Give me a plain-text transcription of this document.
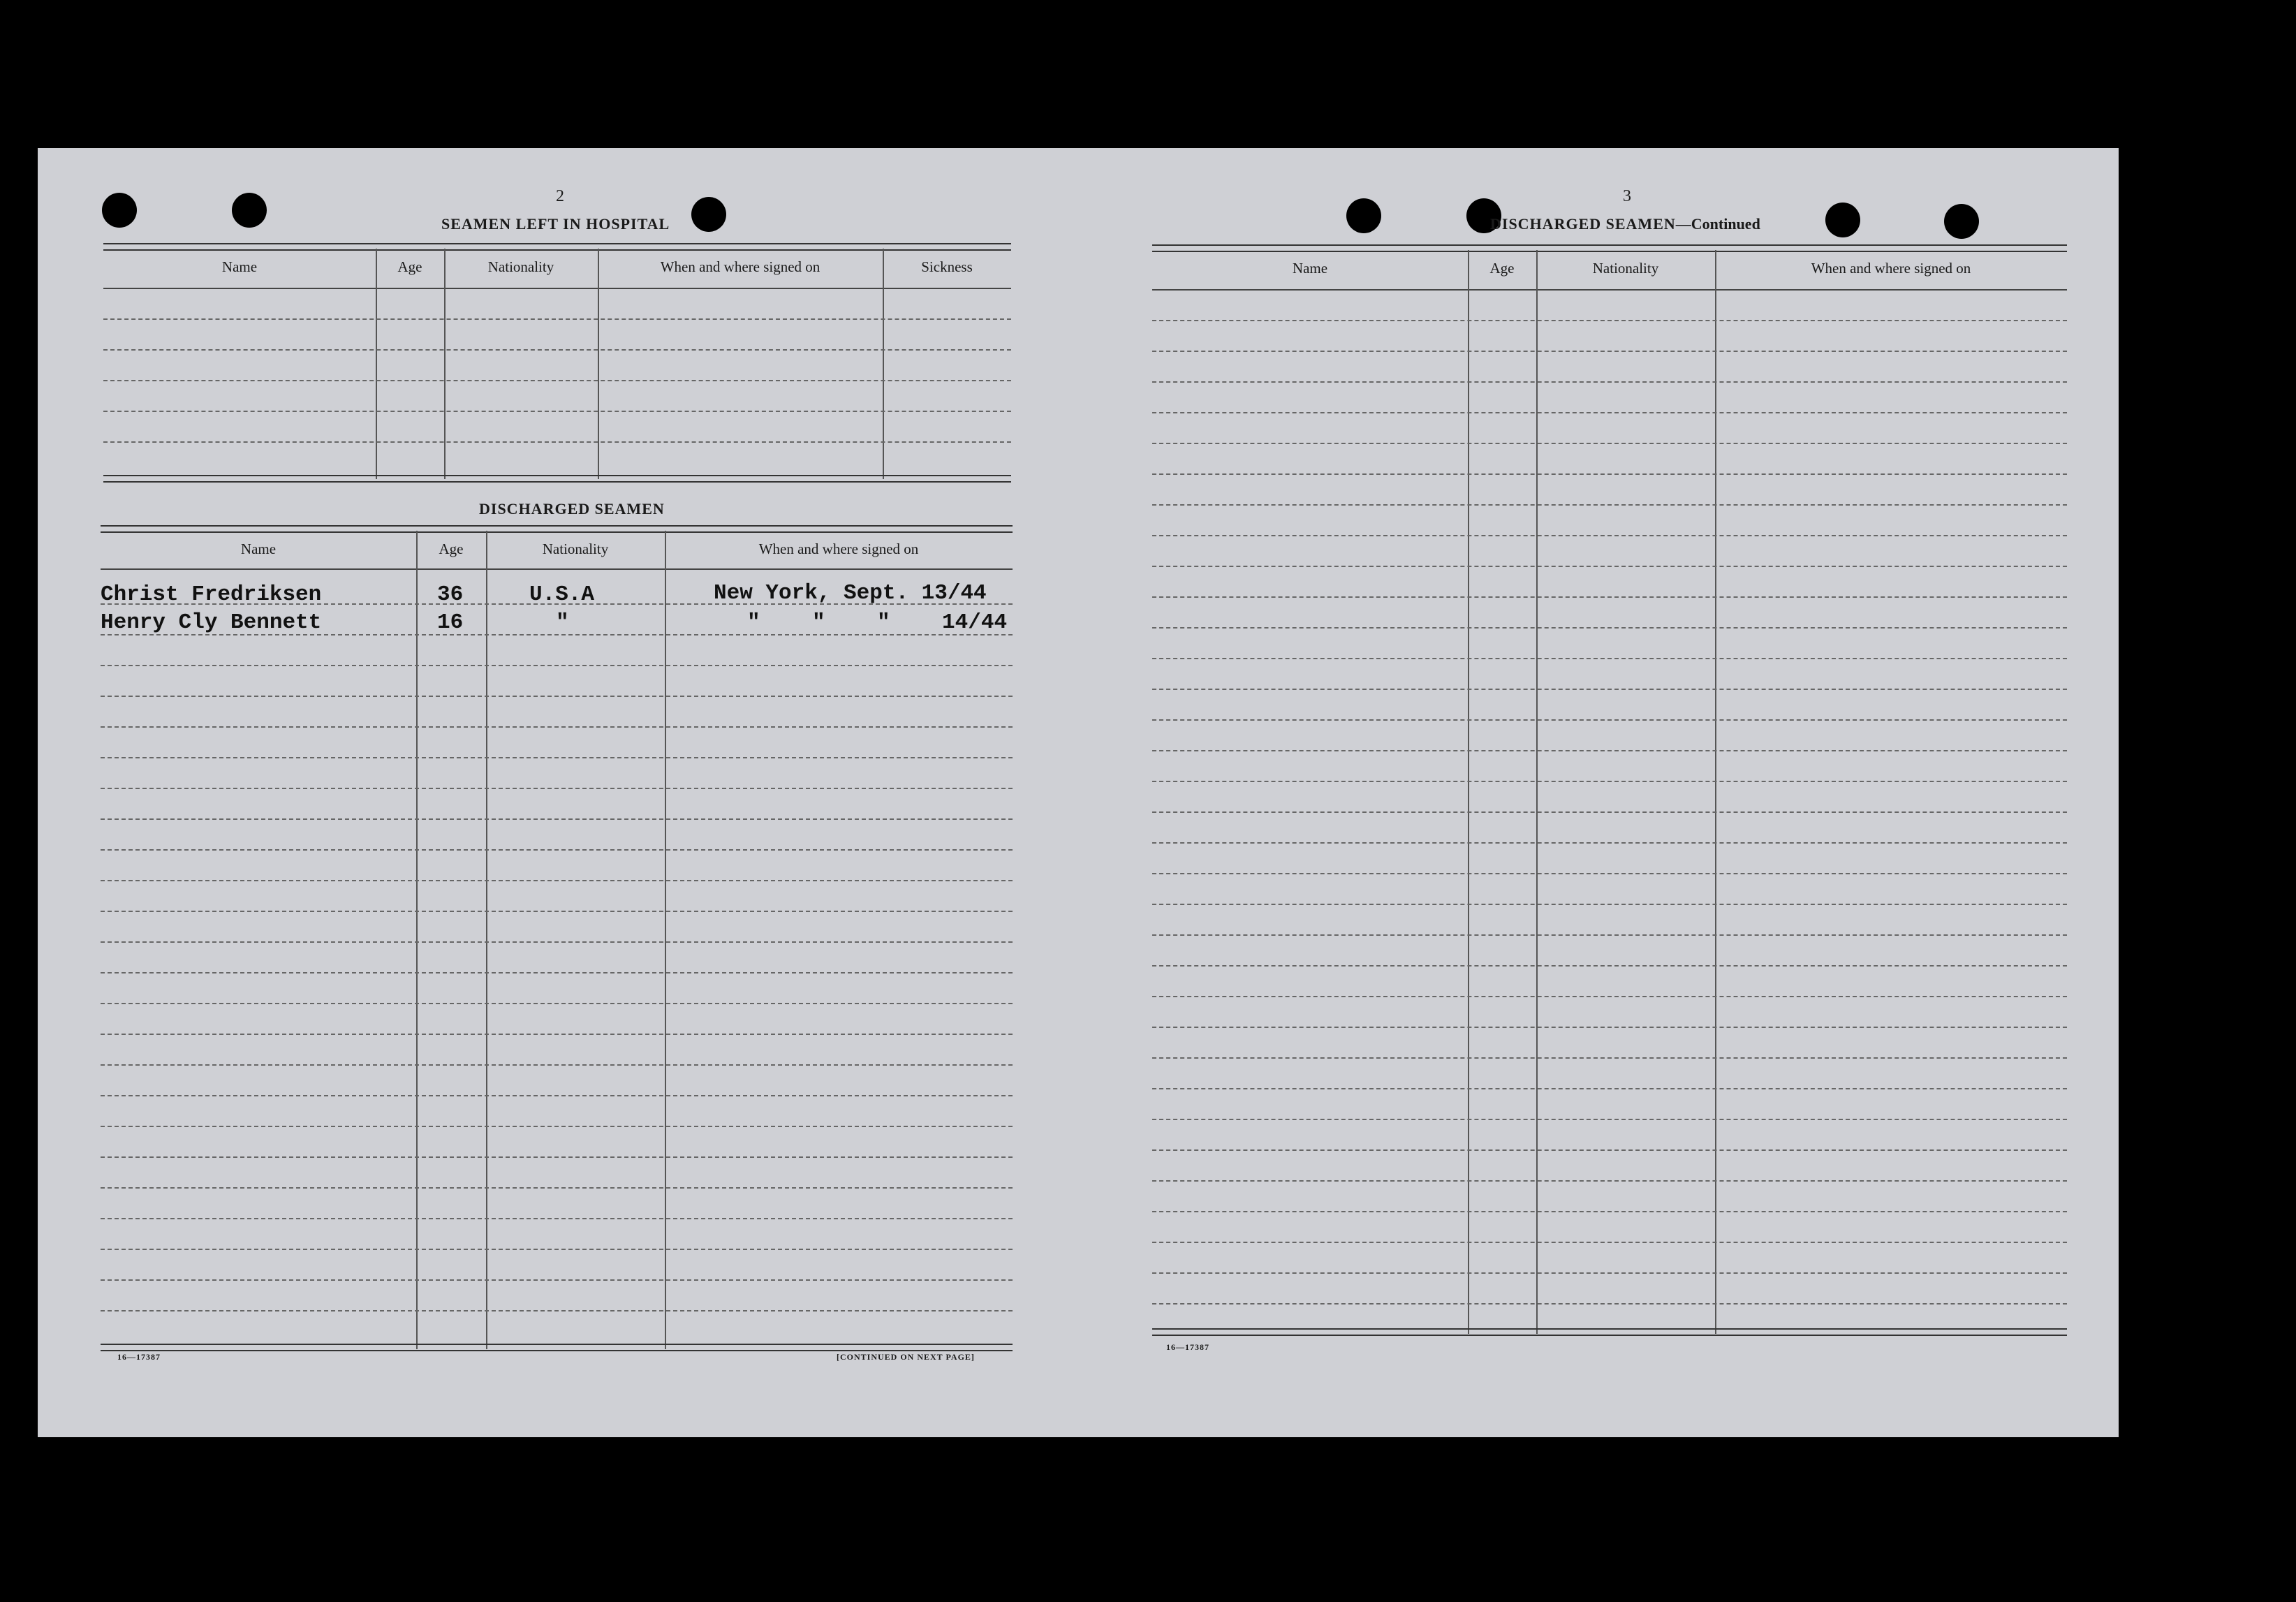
2
SEAMEN LEFT IN HOSPITAL
Name	Age	Nationality	When and where signed on	Sickness
DISCHARGED SEAMEN
Name	Age	Nationality	When and where signed on
Christ Fredriksen	36	U.S.A	New York, Sept. 13/44
Henry Cly Bennett	16	"	"    "    "    14/44
16—17387	[CONTINUED ON NEXT PAGE]
3
DISCHARGED SEAMEN—Continued
Name	Age	Nationality	When and where signed on
16—17387
